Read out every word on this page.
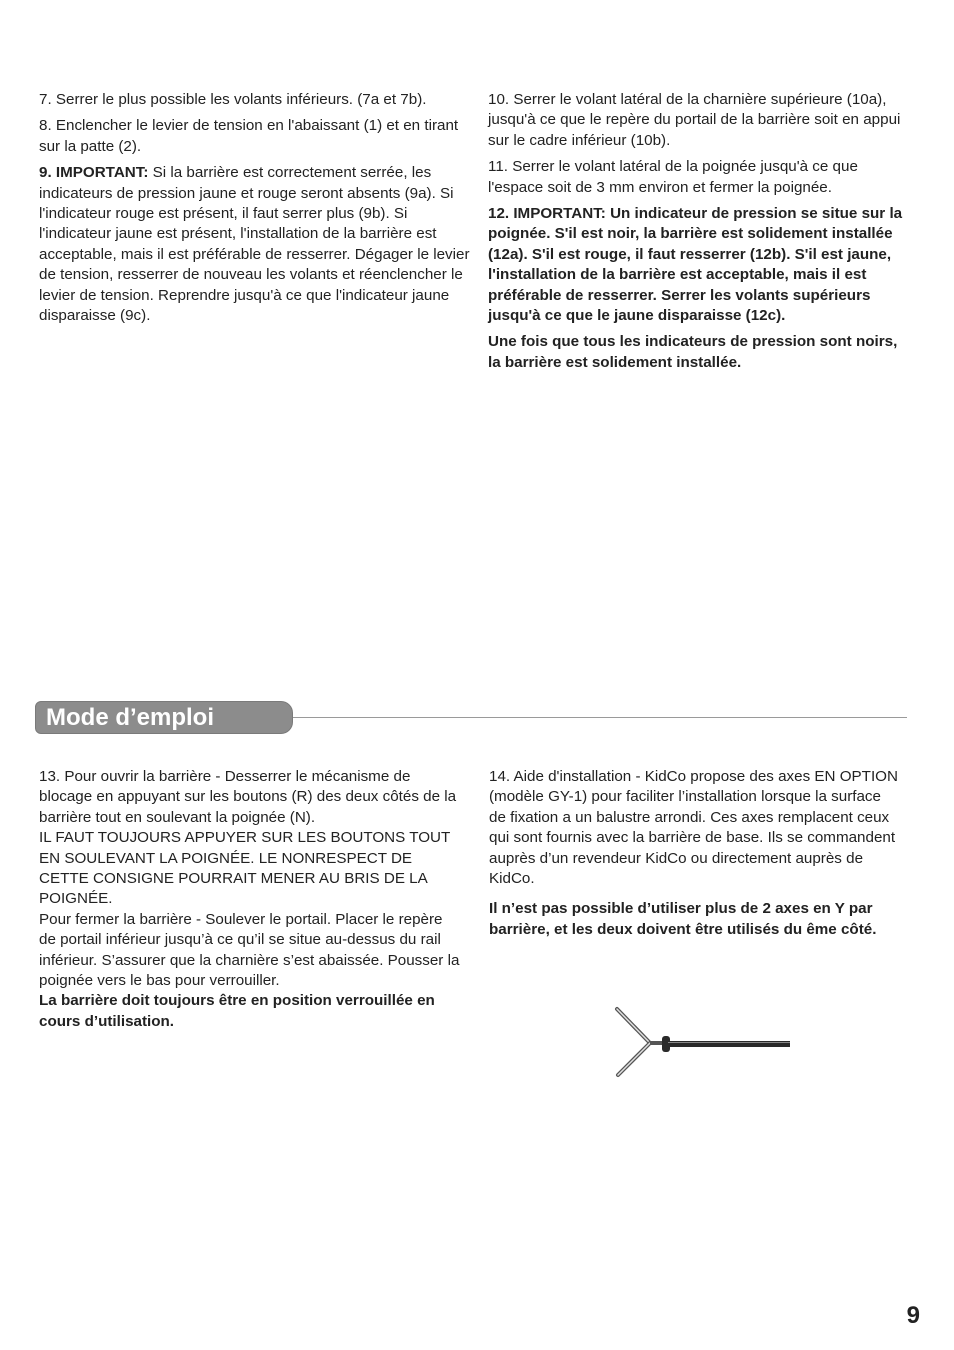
7. Serrer le plus possible les volants inférieurs. (7a et 7b).

8. Enclencher le levier de tension en l'abaissant (1) et en tirant sur la patte (2).

9. IMPORTANT: Si la barrière est correctement serrée, les indicateurs de pression jaune et rouge seront absents (9a). Si l'indicateur rouge est présent, il faut serrer plus (9b). Si l'indicateur jaune est présent, l'installation de la barrière est acceptable, mais il est préférable de resserrer. Dégager le levier de tension, resserrer de nouveau les volants et réenclencher le levier de tension. Reprendre jusqu'à ce que l'indicateur jaune disparaisse (9c).

10. Serrer le volant latéral de la charnière supérieure (10a), jusqu'à ce que le repère du portail de la barrière soit en appui sur le cadre inférieur (10b).

11. Serrer le volant latéral de la poignée jusqu'à ce que l'espace soit de 3 mm environ et fermer la poignée.

12. IMPORTANT: Un indicateur de pression se situe sur la poignée. S'il est noir, la barrière est solidement installée (12a). S'il est rouge, il faut resserrer (12b). S'il est jaune, l'installation de la barrière est acceptable, mais il est préférable de resserrer. Serrer les volants supérieurs jusqu'à ce que le jaune disparaisse (12c).

Une fois que tous les indicateurs de pression sont noirs, la barrière est solidement installée.

Mode d’emploi

13. Pour ouvrir la barrière - Desserrer le mécanisme de blocage en appuyant sur les boutons (R) des deux côtés de la barrière tout en soulevant la poignée (N).

IL FAUT TOUJOURS APPUYER SUR LES BOUTONS TOUT EN SOULEVANT LA POIGNÉE. LE NONRESPECT DE CETTE CONSIGNE POURRAIT MENER AU BRIS DE LA POIGNÉE.

Pour fermer la barrière - Soulever le portail. Placer le repère de portail inférieur jusqu’à ce qu’il se situe au-dessus du rail inférieur. S’assurer que la charnière s’est abaissée. Pousser la poignée vers le bas pour verrouiller.

La barrière doit toujours être en position verrouillée en cours d’utilisation.

14. Aide d'installation - KidCo propose des axes EN OPTION (modèle GY-1) pour faciliter l’installation lorsque la surface de fixation a un balustre arrondi. Ces axes remplacent ceux qui sont fournis avec la barrière de base. Ils se commandent auprès d’un revendeur KidCo ou directement auprès de KidCo.

Il n’est pas possible d’utiliser plus de 2 axes en Y par barrière, et les deux doivent être utilisés du ême côté.

9
